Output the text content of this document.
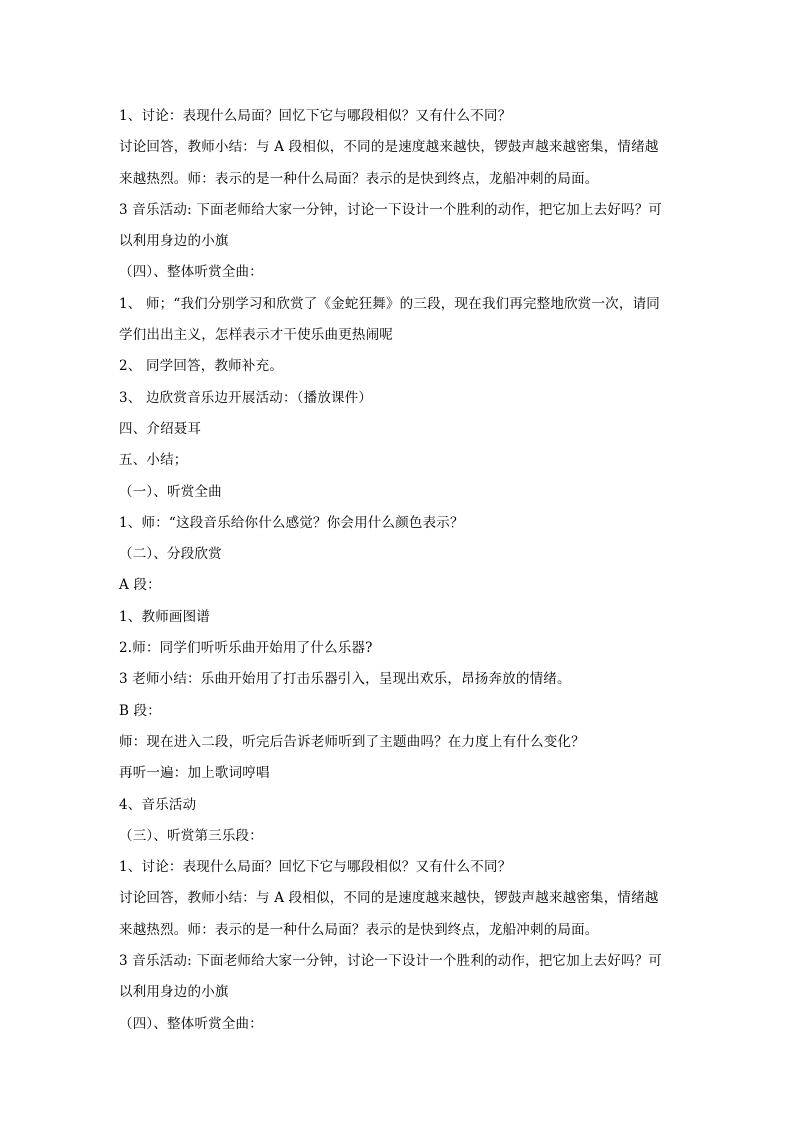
1、讨论：表现什么局面？回忆下它与哪段相似？又有什么不同？
讨论回答，教师小结：与 A 段相似，不同的是速度越来越快，锣鼓声越来越密集，情绪越
来越热烈。师：表示的是一种什么局面？表示的是快到终点，龙船冲刺的局面。
3 音乐活动: 下面老师给大家一分钟，讨论一下设计一个胜利的动作，把它加上去好吗？可
以利用身边的小旗
（四）、整体听赏全曲：
1、 师；“我们分别学习和欣赏了《金蛇狂舞》的三段，现在我们再完整地欣赏一次，请同
学们出出主义，怎样表示才干使乐曲更热闹呢
2、 同学回答，教师补充。
3、 边欣赏音乐边开展活动：（播放课件）
四、介绍聂耳
五、小结；
（一）、听赏全曲
1、师：“这段音乐给你什么感觉？你会用什么颜色表示？
（二）、分段欣赏
A 段：
1、教师画图谱
2.师：同学们听听乐曲开始用了什么乐器?
3 老师小结：乐曲开始用了打击乐器引入，呈现出欢乐，昂扬奔放的情绪。
B 段：
师：现在进入二段，听完后告诉老师听到了主题曲吗？在力度上有什么变化？
再听一遍：加上歌词哼唱
4、音乐活动
（三）、听赏第三乐段：
1、讨论：表现什么局面？回忆下它与哪段相似？又有什么不同？
讨论回答，教师小结：与 A 段相似，不同的是速度越来越快，锣鼓声越来越密集，情绪越
来越热烈。师：表示的是一种什么局面？表示的是快到终点，龙船冲刺的局面。
3 音乐活动: 下面老师给大家一分钟，讨论一下设计一个胜利的动作，把它加上去好吗？可
以利用身边的小旗
（四）、整体听赏全曲：
